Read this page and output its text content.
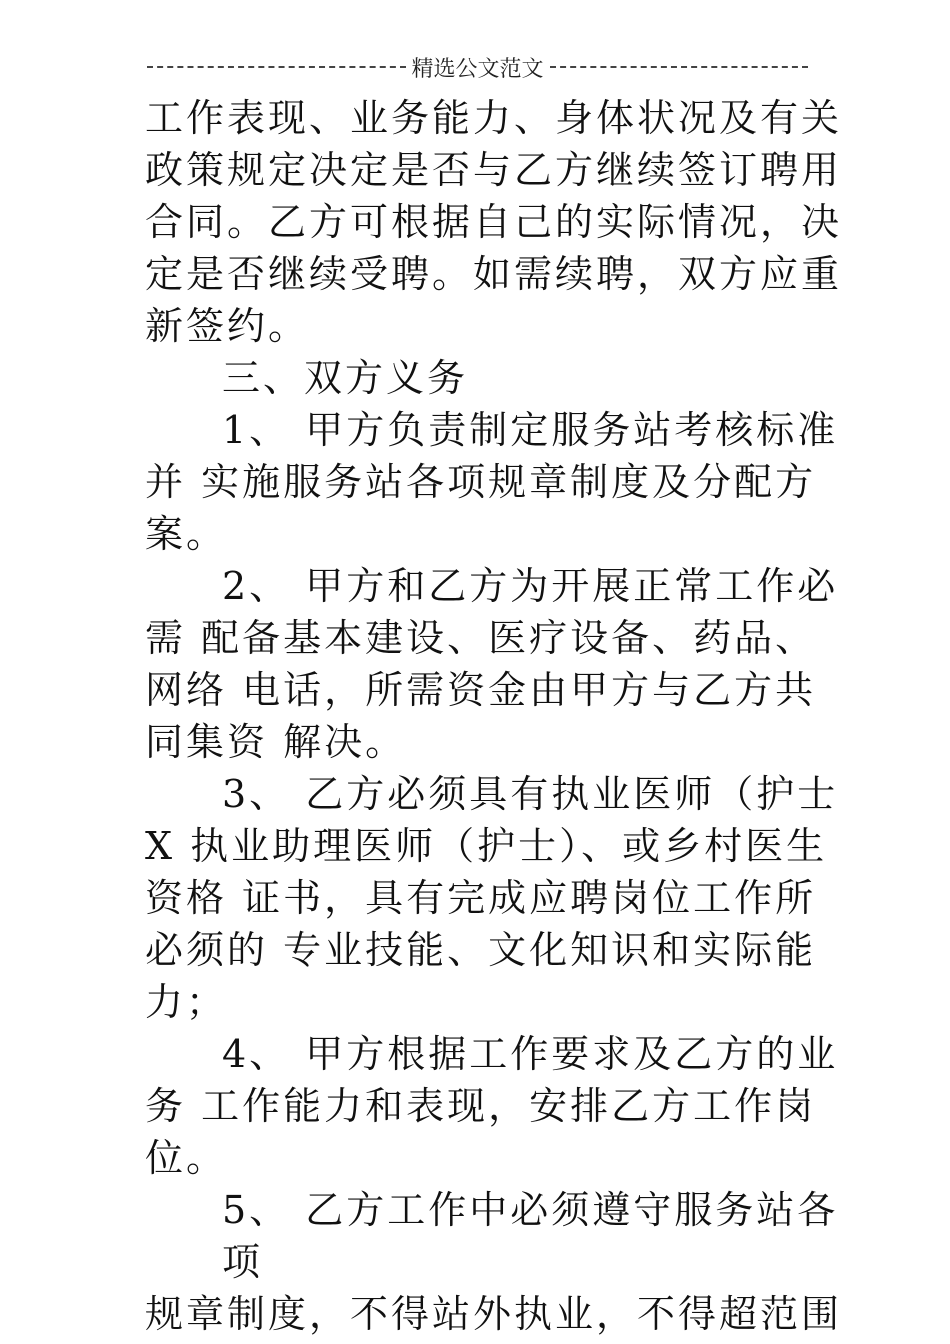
精选公文范文
工作表现、业务能力、身体状况及有关
政策规定决定是否与乙方继续签订聘用
合同。乙方可根据自己的实际情况，决
定是否继续受聘。如需续聘，双方应重
新签约。
三、双方义务
1、 甲方负责制定服务站考核标准
并 实施服务站各项规章制度及分配方
案。
2、 甲方和乙方为开展正常工作必
需 配备基本建设、医疗设备、药品、
网络 电话，所需资金由甲方与乙方共
同集资 解决。
3、 乙方必须具有执业医师（护士
X 执业助理医师（护士）、或乡村医生
资格 证书，具有完成应聘岗位工作所
必须的 专业技能、文化知识和实际能
力；
4、 甲方根据工作要求及乙方的业
务 工作能力和表现，安排乙方工作岗
位。
5、 乙方工作中必须遵守服务站各
项
规章制度，不得站外执业，不得超范围
